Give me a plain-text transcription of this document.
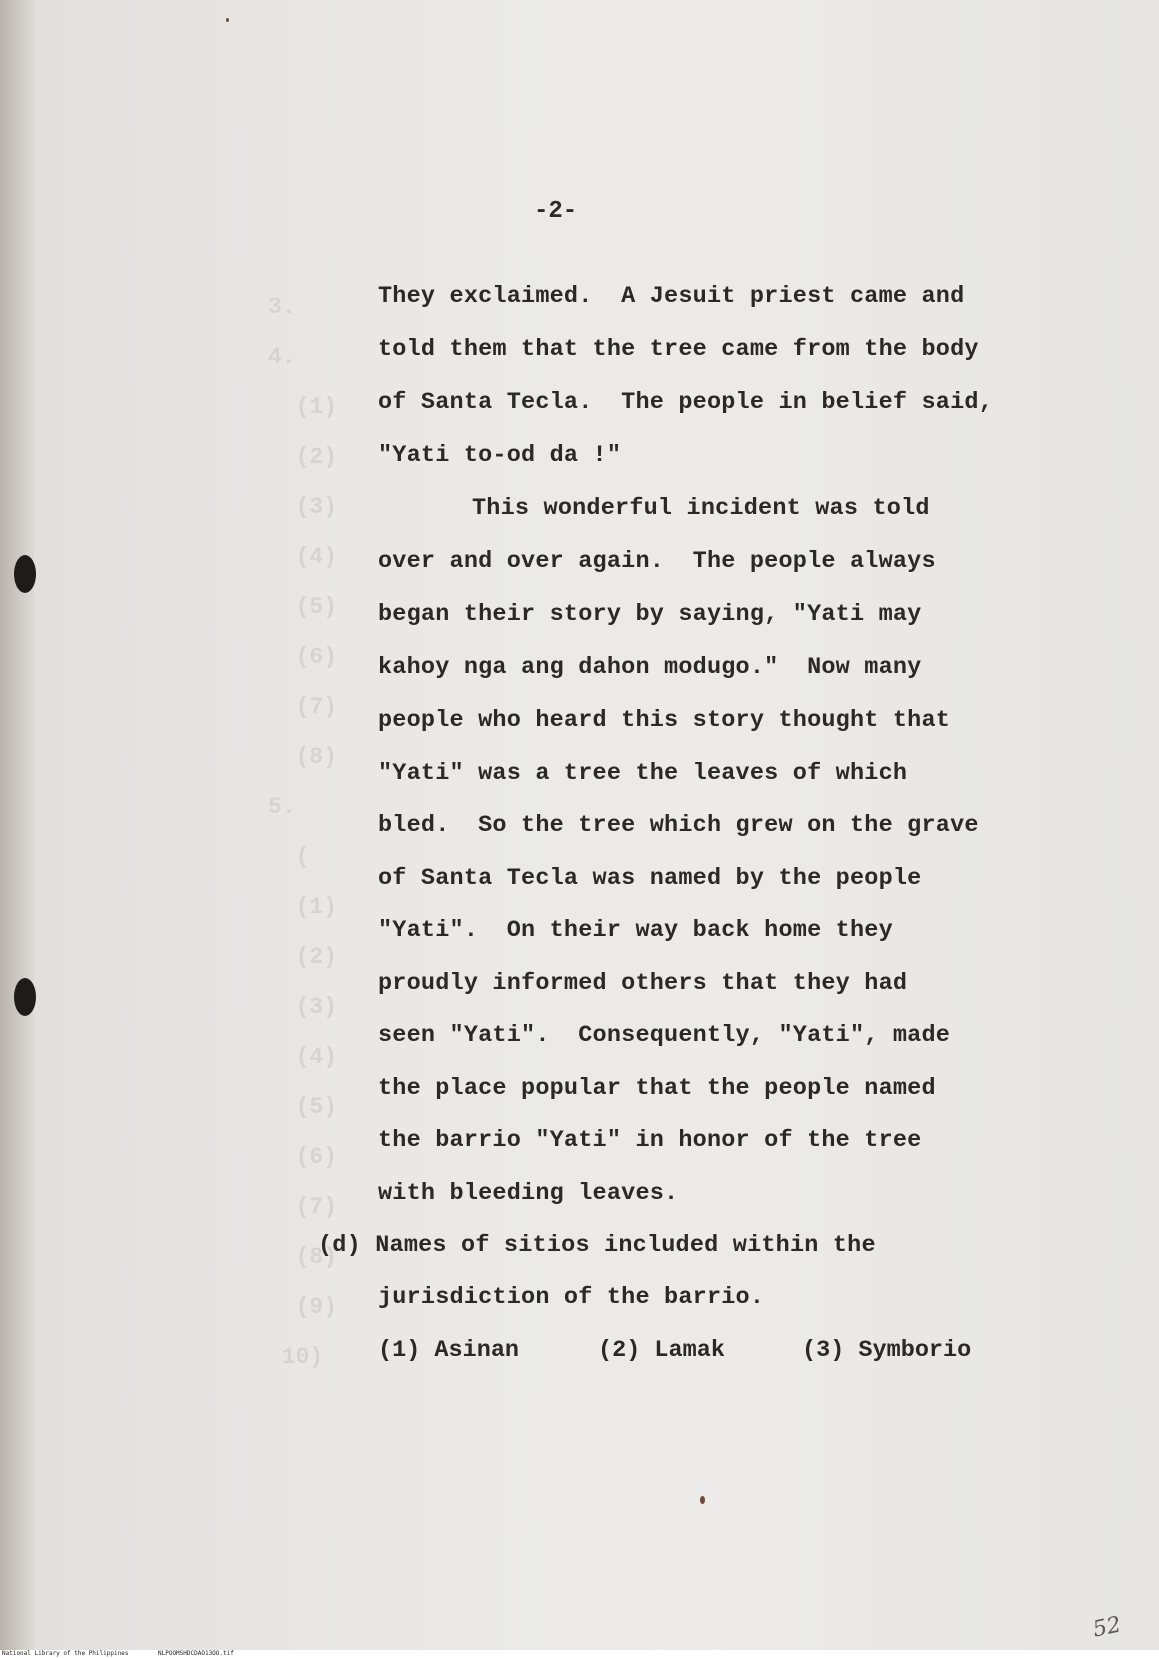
3.
4.
(1)
(2)
(3)
(4)
(5)
(6)
(7)
(8)
5.
(
(1)
(2)
(3)
(4)
(5)
(6)
(7)
(8)
(9)
10)
-2-
They exclaimed.  A Jesuit priest came and
told them that the tree came from the body
of Santa Tecla.  The people in belief said,
"Yati to-od da !"
This wonderful incident was told
over and over again.  The people always
began their story by saying, "Yati may
kahoy nga ang dahon modugo."  Now many
people who heard this story thought that
"Yati" was a tree the leaves of which
bled.  So the tree which grew on the grave
of Santa Tecla was named by the people
"Yati".  On their way back home they
proudly informed others that they had
seen "Yati".  Consequently, "Yati", made
the place popular that the people named
the barrio "Yati" in honor of the tree
with bleeding leaves.
(d) Names of sitios included within the
jurisdiction of the barrio.
(1) Asinan	(2) Lamak	(3) Symborio
52
National Library of the Philippines	NLPOOMSHDCDAO13OO.tif
